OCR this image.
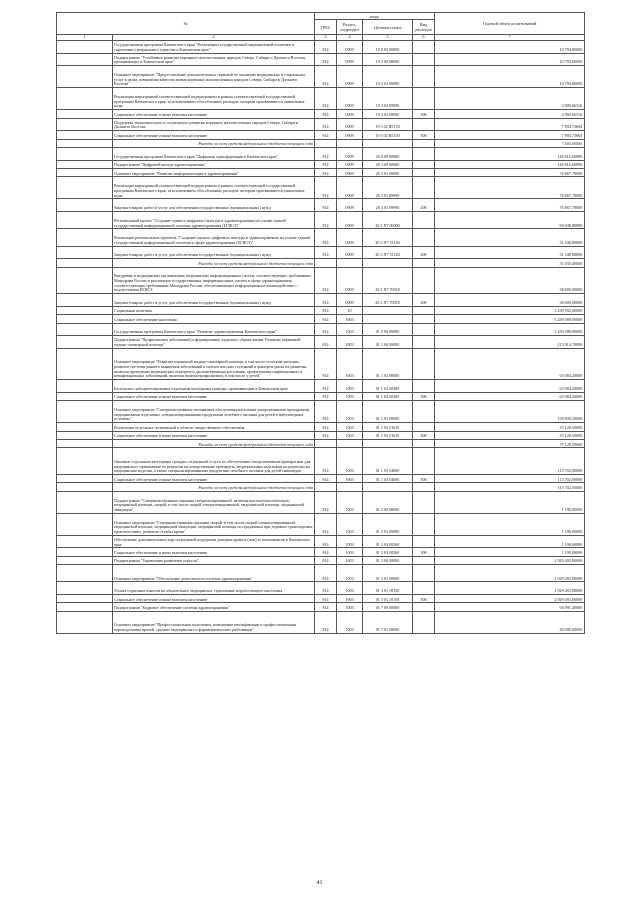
№		коды				Годовой объем ассигнований
		ГРБС	Раздел, подраздел	Целевая статья	Вид расходов	
1	2	3	4	5	6	7
	Государственная программа Камчатского края "Реализация государственной национальной политики и укрепление гражданского единства в Камчатском крае"	814	0909	19 0 00 00000		10 794,80000
	Подпрограмма "Устойчивое развитие коренных малочисленных народов Севера, Сибири и Дальнего Востока, проживающих в Камчатском крае"	814	0909	19 3 00 00000		10 794,80000
	Основное мероприятие "Предоставление дополнительных гарантий по оказанию медицинских и социальных услуг в целях повышения качества жизни коренных малочисленных народов Севера, Сибири и Дальнего Востока"	814	0909	19 3 02 00000		10 794,80000
	Реализация мероприятий соответствующей подпрограммы в рамках соответствующей государственной программы Камчатского края, за исключением обособленных расходов, которым присваиваются уникальные коды	814	0909	19 3 02 09990		2 900,06316
	Социальное обеспечение и иные выплаты населению	814	0909	19 3 02 09990	300	2 900,06316
	Поддержка экономического и социального развития коренных малочисленных народов Севера, Сибири и Дальнего Востока	814	0909	19 3 02 R5150		7 894,73684
	Социальное обеспечение и иные выплаты населению	814	0909	19 3 02 R5150	300	7 894,73684
	Расходы за счет средств федерального бюджета текущего года					7 500,00000
	Государственная программа Камчатского края "Цифровая трансформация в Камчатском крае"	814	0909	20 0 00 00000		146 816,66890
	Подпрограмма "Цифровой контур здравоохранения"	814	0909	20 3 00 00000		146 816,66890
	Основное мероприятие "Развитие информатизации в здравоохранении"	814	0909	20 3 01 00000		76 867,78000
	Реализация мероприятий соответствующей подпрограммы в рамках соответствующей государственной программы Камчатского края, за исключением обособленных расходов, которым присваиваются уникальные коды	814	0909	20 3 01 09990		76 867,78000
	Закупка товаров, работ и услуг для обеспечения государственных (муниципальных) нужд	814	0909	20 3 01 09990	200	76 867,78000
	Региональный проект "Создание единого цифрового контура в здравоохранении на основе единой государственной информационной системы здравоохранения (ЕГИСЗ)"	814	0909	20 3 N7 00000		69 948,88890
	Реализация региональных проектов "Создание единого цифрового контура в здравоохранении на основе единой государственной информационной системы в сфере здравоохранения (ЕГИСЗ)"	814	0909	20 3 N7 51140		31 348,88890
	Закупка товаров, работ и услуг для обеспечения государственных (муниципальных) нужд	814	0909	20 3 N7 51140	200	31 348,88890
	Расходы за счет средств федерального бюджета текущего года					31 035,40000
	Внедрение в медицинских организациях медицинских информационных систем, соответствующих требованиям Минздрава России и реализации государственных информационных систем в сфере здравоохранения, соответствующих требованиям Минздрава России, обеспечивающих информационное взаимодействие с подсистемами ЕГИСЗ	814	0909	20 3 N7 70018		38 600,00000
	Закупка товаров, работ и услуг для обеспечения государственных (муниципальных) нужд	814	0909	20 3 N7 70018	200	38 600,00000
	Социальная политика	814	10			3 239 592,06000
	Социальное обеспечение населения	814	1003			3 239 589,90000
	Государственная программа Камчатского края "Развитие здравоохранения Камчатского края"	814	1003	01 0 00 00000		3 239 589,90000
	Подпрограмма "Профилактика заболеваний и формирование здорового образа жизни. Развитие первичной медико-санитарной помощи"	814	1003	01 1 00 00000		213 914,70000
	Основное мероприятие "Развитие первичной медико-санитарной помощи, в том числе сельским жителям, развитие системы раннего выявления заболеваний и патологических состояний и факторов риска их развития, включая проведение медицинских осмотров и диспансеризации населения, профилактика инфекционных и неинфекционных заболеваний, включая иммунопрофилактику, в том числе у детей"	814	1003	01 1 02 00000		63 084,20000
	Бесплатное зубопротезирование отдельным категориям граждан, проживающим в Камчатском крае	814	1003	01 1 02 20380		63 084,20000
	Социальное обеспечение и иные выплаты населению	814	1003	01 1 02 20380	300	63 084,20000
	Основное мероприятие "Совершенствование механизмов обеспечения населения лекарственными препаратами, медицинскими изделиями, специализированными продуктами лечебного питания для детей в амбулаторных условиях"	814	1003	01 1 03 00000		150 830,50000
	Реализация отдельных полномочий в области лекарственного обеспечения	814	1003	01 1 03 51610		37 128,50000
	Социальное обеспечение и иные выплаты населению	814	1003	01 1 03 51610	300	37 128,50000
	Расходы за счет средств федерального бюджета текущего года					37 128,50000
	Оказание отдельным категориям граждан социальной услуги по обеспечению лекарственными препаратами для медицинского применения по рецептам на лекарственные препараты, медицинскими изделиями по рецептам на медицинские изделия, а также специализированными продуктами лечебного питания для детей-инвалидов	814	1003	01 1 03 54600		113 702,00000
	Социальное обеспечение и иные выплаты населению	814	1003	01 1 03 54600	300	113 702,00000
	Расходы за счет средств федерального бюджета текущего года					113 702,00000
	Подпрограмма "Совершенствование оказания специализированной, включая высокотехнологичную, медицинской помощи, скорой, в том числе скорой специализированной, медицинской помощи, медицинской эвакуации"	814	1003	01 2 00 00000		1 190,00000
	Основное мероприятие "Совершенствование оказания скорой, в том числе скорой специализированной, медицинской помощи, медицинской эвакуации, медицинской помощи пострадавшим при дорожно-транспортных происшествиях, развитие службы крови"	814	1003	01 2 03 00000		1 190,00000
	Обеспечение дополнительных мер социальной поддержки донорам крови и (или) ее компонентов в Камчатском крае	814	1003	01 2 03 20260		1 190,00000
	Социальное обеспечение и иные выплаты населению	814	1003	01 2 03 20260	300	1 190,00000
	Подпрограмма "Управление развитием отрасли"	814	1003	01 3 00 00000		2 929 493,80000
	Основное мероприятие "Обеспечение деятельности системы здравоохранения"	814	1003	01 3 01 00000		2 929 493,80000
	Уплата страховых взносов на обязательное медицинское страхование неработающего населения	814	1003	01 3 01 10150		2 929 493,80000
	Социальное обеспечение и иные выплаты населению	814	1003	01 3 01 10150	300	2 929 493,80000
	Подпрограмма "Кадровое обеспечение системы здравоохранения"	814	1003	01 7 00 00000		94 991,40000
	Основное мероприятие "Профессиональная подготовка, повышение квалификации и профессиональная переподготовка врачей, средних медицинских и фармацевтических работников"	814	1003	01 7 01 00000		48 000,00000
41
